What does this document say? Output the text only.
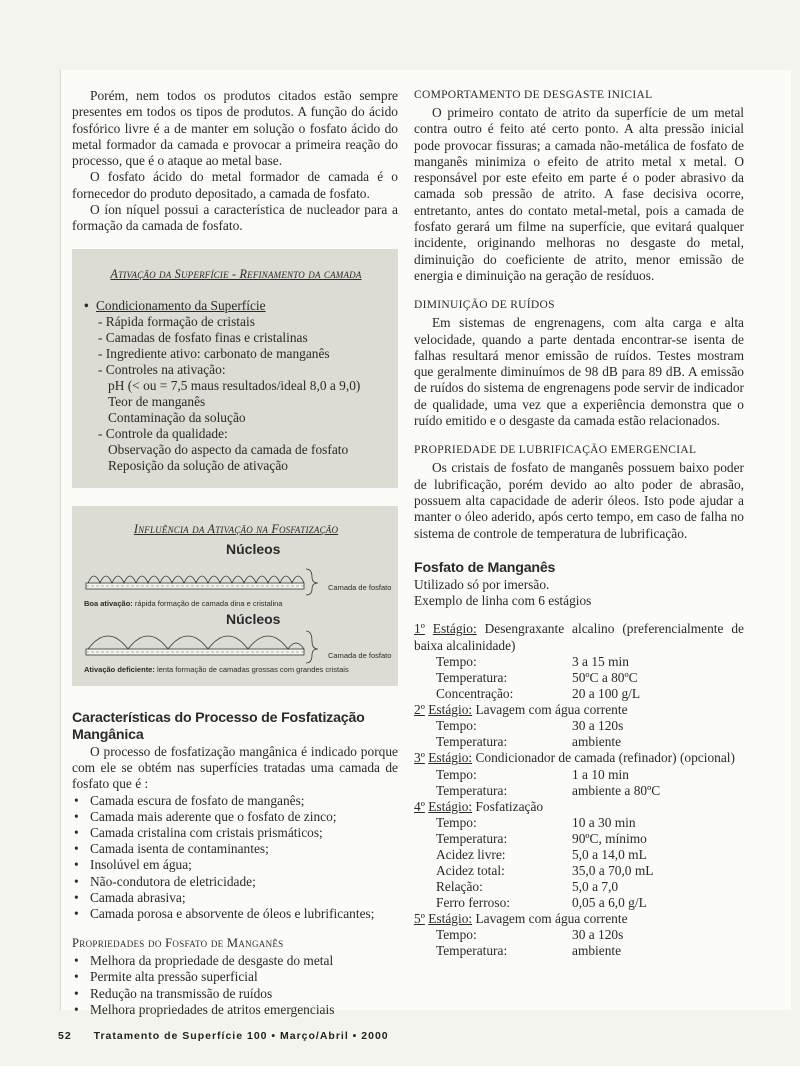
Porém, nem todos os produtos citados estão sempre presentes em todos os tipos de produtos. A função do ácido fosfórico livre é a de manter em solução o fosfato ácido do metal formador da camada e provocar a primeira reação do processo, que é o ataque ao metal base.

O fosfato ácido do metal formador de camada é o fornecedor do produto depositado, a camada de fosfato.

O íon níquel possui a característica de nucleador para a formação da camada de fosfato.

Ativação da Superfície - Refinamento da camada
• Condicionamento da Superfície
- Rápida formação de cristais
- Camadas de fosfato finas e cristalinas
- Ingrediente ativo: carbonato de manganês
- Controles na ativação:
pH (< ou = 7,5 maus resultados/ideal 8,0 a 9,0)
Teor de manganês
Contaminação da solução
- Controle da qualidade:
Observação do aspecto da camada de fosfato
Reposição da solução de ativação
Influência da Ativação na Fosfatização
Núcleos
Camada de fosfato
Boa ativação: rápida formação de camada dina e cristalina
Núcleos
Camada de fosfato
Ativação deficiente: lenta formação de camadas grossas com grandes cristais
Características do Processo de Fosfatização Mangânica

O processo de fosfatização mangânica é indicado porque com ele se obtém nas superfícies tratadas uma camada de fosfato que é :

• Camada escura de fosfato de manganês;
• Camada mais aderente que o fosfato de zinco;
• Camada cristalina com cristais prismáticos;
• Camada isenta de contaminantes;
• Insolúvel em água;
• Não-condutora de eletricidade;
• Camada abrasiva;
• Camada porosa e absorvente de óleos e lubrificantes;
Propriedades do Fosfato de Manganês
• Melhora da propriedade de desgaste do metal
• Permite alta pressão superficial
• Redução na transmissão de ruídos
• Melhora propriedades de atritos emergenciais
COMPORTAMENTO DE DESGASTE INICIAL

O primeiro contato de atrito da superfície de um metal contra outro é feito até certo ponto. A alta pressão inicial pode provocar fissuras; a camada não-metálica de fosfato de manganês minimiza o efeito de atrito metal x metal. O responsável por este efeito em parte é o poder abrasivo da camada sob pressão de atrito. A fase decisiva ocorre, entretanto, antes do contato metal-metal, pois a camada de fosfato gerará um filme na superfície, que evitará qualquer incidente, originando melhoras no desgaste do metal, diminuição do coeficiente de atrito, menor emissão de energia e diminuição na geração de resíduos.

DIMINUIÇÃO DE RUÍDOS

Em sistemas de engrenagens, com alta carga e alta velocidade, quando a parte dentada encontrar-se isenta de falhas resultará menor emissão de ruídos. Testes mostram que geralmente diminuímos de 98 dB para 89 dB. A emissão de ruídos do sistema de engrenagens pode servir de indicador de qualidade, uma vez que a experiência demonstra que o ruído emitido e o desgaste da camada estão relacionados.

PROPRIEDADE DE LUBRIFICAÇÃO EMERGENCIAL

Os cristais de fosfato de manganês possuem baixo poder de lubrificação, porém devido ao alto poder de abrasão, possuem alta capacidade de aderir óleos. Isto pode ajudar a manter o óleo aderido, após certo tempo, em caso de falha no sistema de controle de temperatura de lubrificação.

Fosfato de Manganês

Utilizado só por imersão.

Exemplo de linha com 6 estágios

1º Estágio: Desengraxante alcalino (preferencialmente de baixa alcalinidade)

Tempo:	3 a 15 min
Temperatura:	50ºC a 80ºC
Concentração:	20 a 100 g/L

2º Estágio: Lavagem com água corrente

Tempo:	30 a 120s
Temperatura:	ambiente

3º Estágio: Condicionador de camada (refinador) (opcional)

Tempo:	1 a 10 min
Temperatura:	ambiente a 80ºC

4º Estágio: Fosfatização

Tempo:	10 a 30 min
Temperatura:	90ºC, mínimo
Acidez livre:	5,0 a 14,0 mL
Acidez total:	35,0 a 70,0 mL
Relação:	5,0 a 7,0
Ferro ferroso:	0,05 a 6,0 g/L

5º Estágio: Lavagem com água corrente

Tempo:	30 a 120s
Temperatura:	ambiente
52 Tratamento de Superfície 100 • Março/Abril • 2000
